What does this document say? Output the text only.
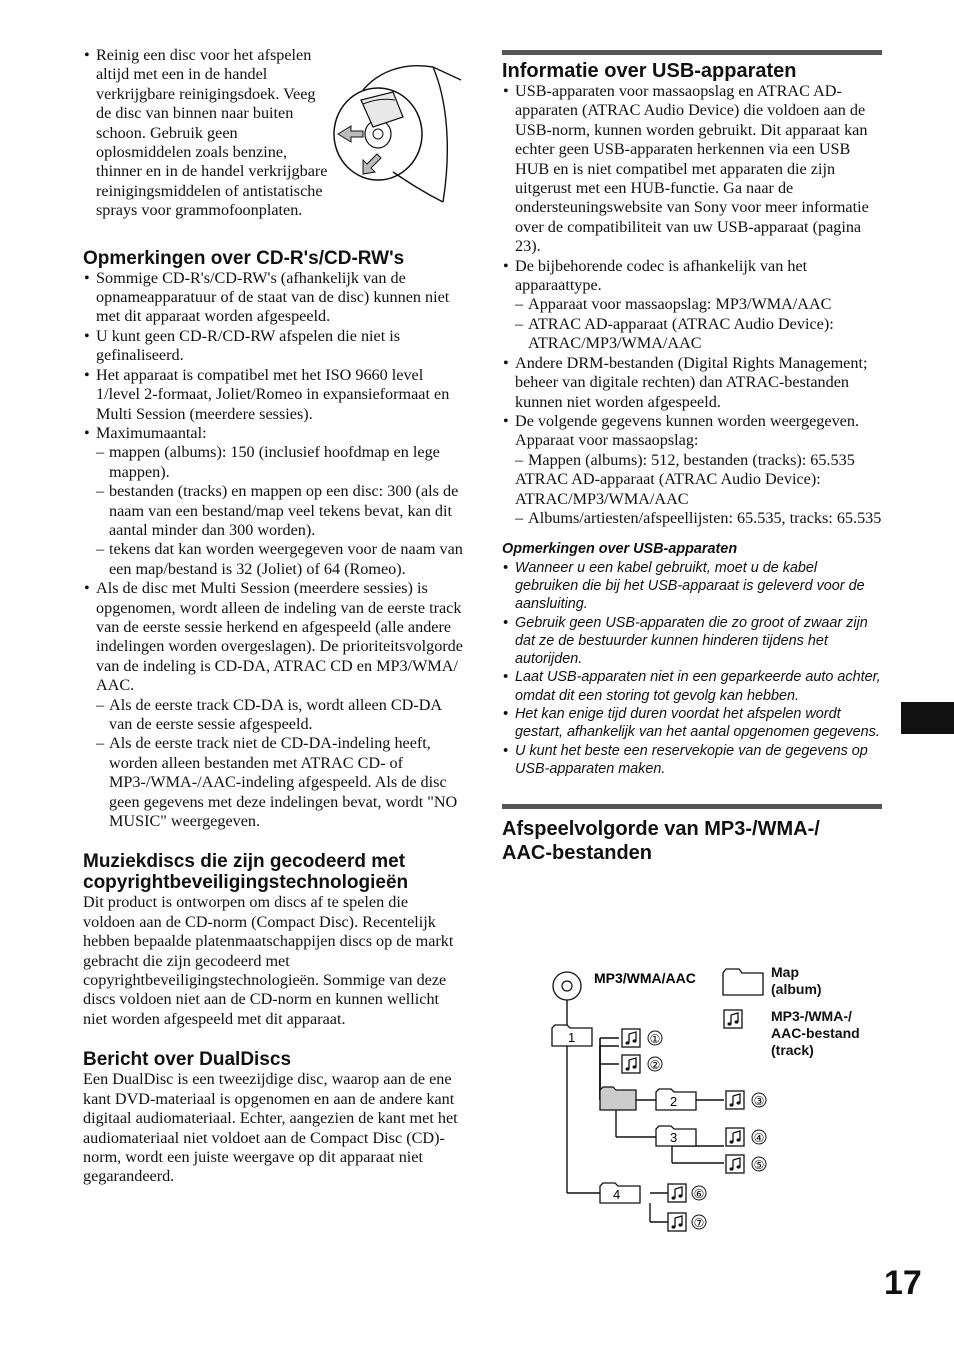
• Reinig een disc voor het afspelen altijd met een in de handel verkrijgbare reinigingsdoek. Veeg de disc van binnen naar buiten schoon. Gebruik geen oplosmiddelen zoals benzine, thinner en in de handel verkrijgbare reinigingsmiddelen of antistatische sprays voor grammofoonplaten.
Opmerkingen over CD-R's/CD-RW's
• Sommige CD-R's/CD-RW's (afhankelijk van de opnameapparatuur of de staat van de disc) kunnen niet met dit apparaat worden afgespeeld.
• U kunt geen CD-R/CD-RW afspelen die niet is gefinaliseerd.
• Het apparaat is compatibel met het ISO 9660 level 1/level 2-formaat, Joliet/Romeo in expansieformaat en Multi Session (meerdere sessies).
• Maximumaantal:
– mappen (albums): 150 (inclusief hoofdmap en lege mappen).
– bestanden (tracks) en mappen op een disc: 300 (als de naam van een bestand/map veel tekens bevat, kan dit aantal minder dan 300 worden).
– tekens dat kan worden weergegeven voor de naam van een map/bestand is 32 (Joliet) of 64 (Romeo).
• Als de disc met Multi Session (meerdere sessies) is opgenomen, wordt alleen de indeling van de eerste track van de eerste sessie herkend en afgespeeld (alle andere indelingen worden overgeslagen). De prioriteitsvolgorde van de indeling is CD-DA, ATRAC CD en MP3/WMA/ AAC.
– Als de eerste track CD-DA is, wordt alleen CD-DA van de eerste sessie afgespeeld.
– Als de eerste track niet de CD-DA-indeling heeft, worden alleen bestanden met ATRAC CD- of MP3-/WMA-/AAC-indeling afgespeeld. Als de disc geen gegevens met deze indelingen bevat, wordt "NO MUSIC" weergegeven.
Muziekdiscs die zijn gecodeerd met copyrightbeveiligingstechnologieën

Dit product is ontworpen om discs af te spelen die voldoen aan de CD-norm (Compact Disc). Recentelijk hebben bepaalde platenmaatschappijen discs op de markt gebracht die zijn gecodeerd met copyrightbeveiligingstechnologieën. Sommige van deze discs voldoen niet aan de CD-norm en kunnen wellicht niet worden afgespeeld met dit apparaat.

Bericht over DualDiscs

Een DualDisc is een tweezijdige disc, waarop aan de ene kant DVD-materiaal is opgenomen en aan de andere kant digitaal audiomateriaal. Echter, aangezien de kant met het audiomateriaal niet voldoet aan de Compact Disc (CD)-norm, wordt een juiste weergave op dit apparaat niet gegarandeerd.

Informatie over USB-apparaten
• USB-apparaten voor massaopslag en ATRAC AD-apparaten (ATRAC Audio Device) die voldoen aan de USB-norm, kunnen worden gebruikt. Dit apparaat kan echter geen USB-apparaten herkennen via een USB HUB en is niet compatibel met apparaten die zijn uitgerust met een HUB-functie. Ga naar de ondersteuningswebsite van Sony voor meer informatie over de compatibiliteit van uw USB-apparaat (pagina 23).
• De bijbehorende codec is afhankelijk van het apparaattype.
– Apparaat voor massaopslag: MP3/WMA/AAC
– ATRAC AD-apparaat (ATRAC Audio Device): ATRAC/MP3/WMA/AAC
• Andere DRM-bestanden (Digital Rights Management; beheer van digitale rechten) dan ATRAC-bestanden kunnen niet worden afgespeeld.
• De volgende gegevens kunnen worden weergegeven.
Apparaat voor massaopslag:
– Mappen (albums): 512, bestanden (tracks): 65.535
ATRAC AD-apparaat (ATRAC Audio Device): ATRAC/MP3/WMA/AAC
– Albums/artiesten/afspeellijsten: 65.535, tracks: 65.535
Opmerkingen over USB-apparaten
• Wanneer u een kabel gebruikt, moet u de kabel gebruiken die bij het USB-apparaat is geleverd voor de aansluiting.
• Gebruik geen USB-apparaten die zo groot of zwaar zijn dat ze de bestuurder kunnen hinderen tijdens het autorijden.
• Laat USB-apparaten niet in een geparkeerde auto achter, omdat dit een storing tot gevolg kan hebben.
• Het kan enige tijd duren voordat het afspelen wordt gestart, afhankelijk van het aantal opgenomen gegevens.
• U kunt het beste een reservekopie van de gegevens op USB-apparaten maken.
Afspeelvolgorde van MP3-/WMA-/
AAC-bestanden
MP3/WMA/AAC
1
2
3
4
①
②
③
④
⑤
⑥
⑦
Map
(album)
MP3-/WMA-/
AAC-bestand
(track)
17
